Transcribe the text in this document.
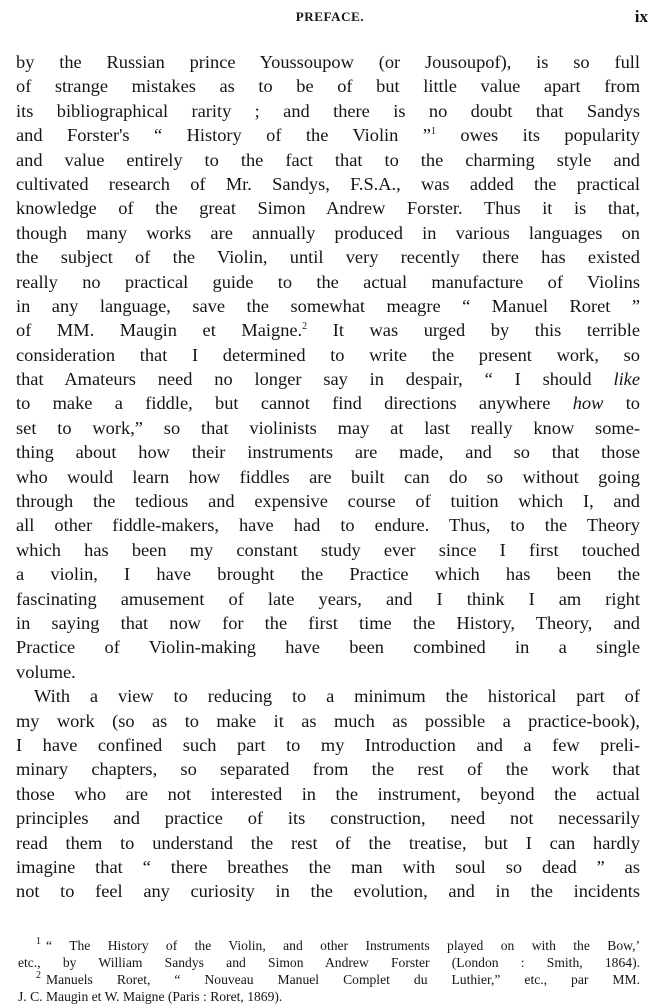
PREFACE.	ix
by the Russian prince Youssoupow (or Jousoupof), is so full
of strange mistakes as to be of but little value apart from
its bibliographical rarity ; and there is no doubt that Sandys
and Forster's “ History of the Violin ”$^1$ owes its popularity
and value entirely to the fact that to the charming style and
cultivated research of Mr. Sandys, F.S.A., was added the practical
knowledge of the great Simon Andrew Forster. Thus it is that,
though many works are annually produced in various languages on
the subject of the Violin, until very recently there has existed
really no practical guide to the actual manufacture of Violins
in any language, save the somewhat meagre “ Manuel Roret ”
of MM. Maugin et Maigne.$^2$ It was urged by this terrible
consideration that I determined to write the present work, so
that Amateurs need no longer say in despair, “ I should like
to make a fiddle, but cannot find directions anywhere how to
set to work,” so that violinists may at last really know some-
thing about how their instruments are made, and so that those
who would learn how fiddles are built can do so without going
through the tedious and expensive course of tuition which I, and
all other fiddle-makers, have had to endure. Thus, to the Theory
which has been my constant study ever since I first touched
a violin, I have brought the Practice which has been the
fascinating amusement of late years, and I think I am right
in saying that now for the first time the History, Theory, and
Practice of Violin-making have been combined in a single
volume.
With a view to reducing to a minimum the historical part of
my work (so as to make it as much as possible a practice-book),
I have confined such part to my Introduction and a few preli-
minary chapters, so separated from the rest of the work that
those who are not interested in the instrument, beyond the actual
principles and practice of its construction, need not necessarily
read them to understand the rest of the treatise, but I can hardly
imagine that “ there breathes the man with soul so dead ” as
not to feel any curiosity in the evolution, and in the incidents
$^1$ “ The History of the Violin, and other Instruments played on with the Bow,’
etc., by William Sandys and Simon Andrew Forster (London : Smith, 1864).
$^2$ Manuels Roret, “ Nouveau Manuel Complet du Luthier,” etc., par MM.
J. C. Maugin et W. Maigne (Paris : Roret, 1869).
